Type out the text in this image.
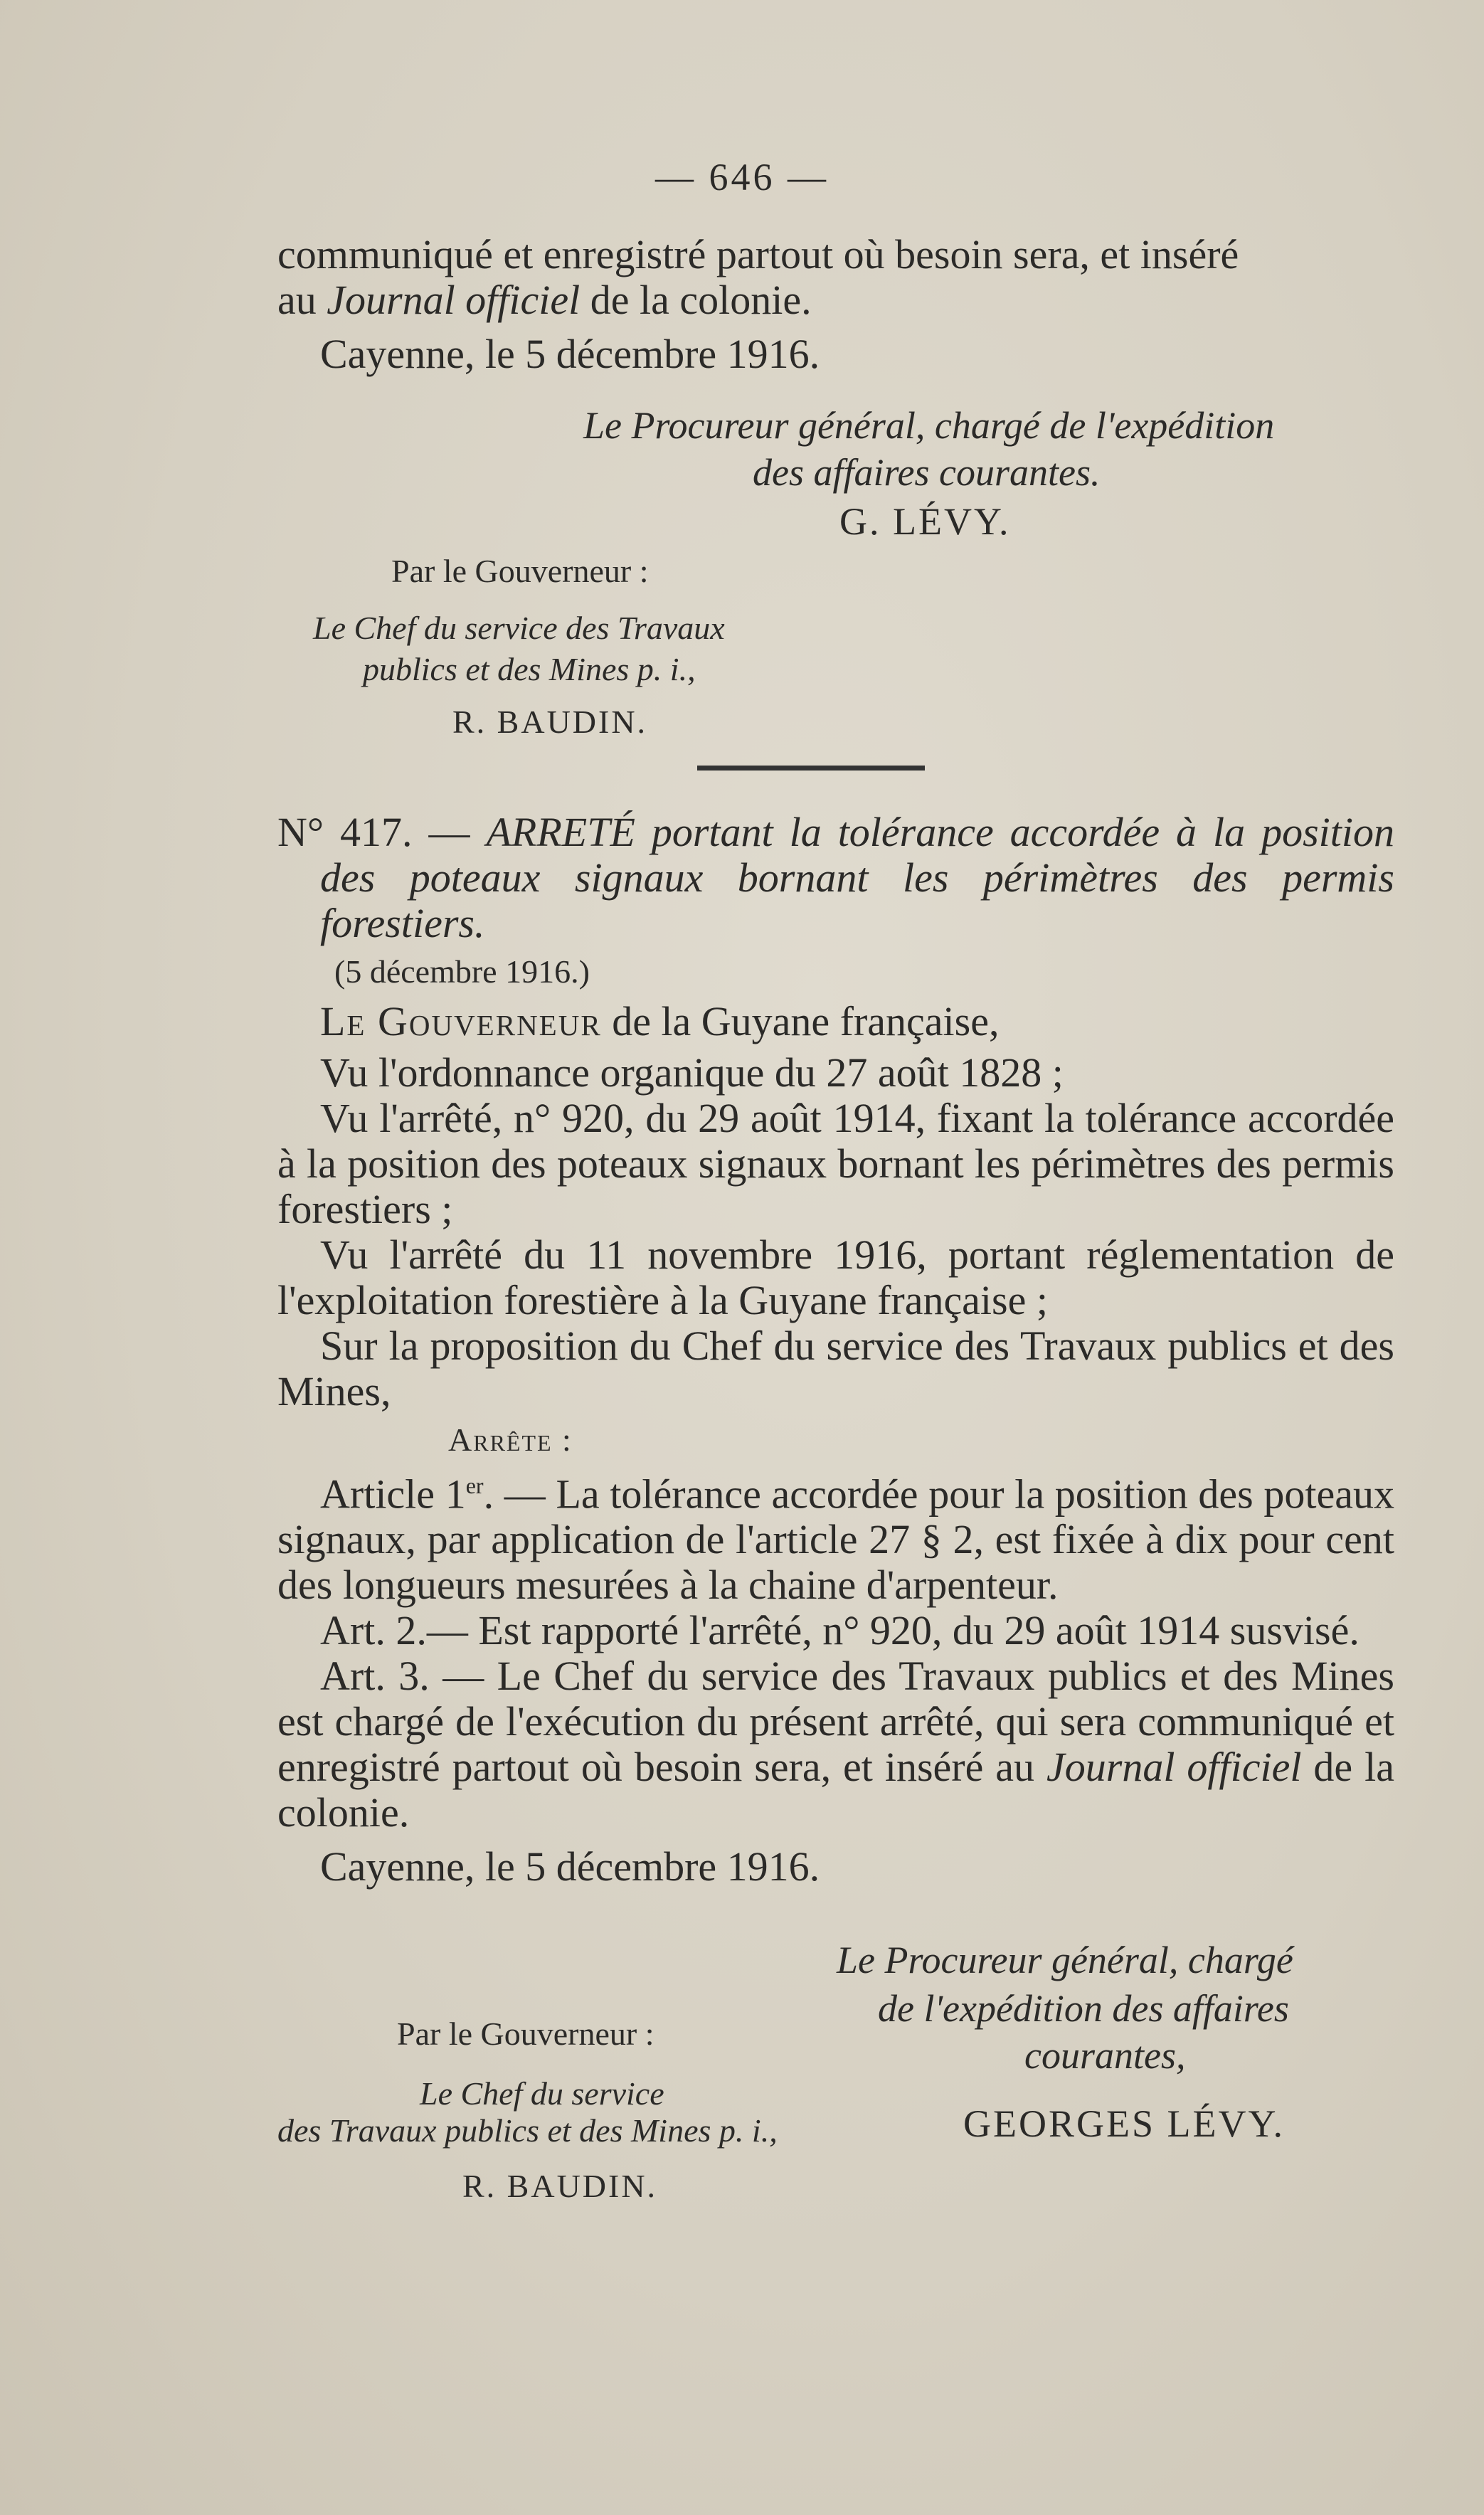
— 646 —

communiqué et enregistré partout où besoin sera, et inséré

au Journal officiel de la colonie.

Cayenne, le 5 décembre 1916.

Le Procureur général, chargé de l'expédition
des affaires courantes.
G. LÉVY.
Par le Gouverneur :
Le Chef du service des Travaux
publics et des Mines p. i.,
R. BAUDIN.

N° 417. — ARRETÉ portant la tolérance accordée à la position des poteaux signaux bornant les périmètres des permis forestiers.

(5 décembre 1916.)

Le Gouverneur de la Guyane française,

Vu l'ordonnance organique du 27 août 1828 ;

Vu l'arrêté, n° 920, du 29 août 1914, fixant la tolérance accordée à la position des poteaux signaux bornant les périmètres des permis forestiers ;

Vu l'arrêté du 11 novembre 1916, portant réglementation de l'exploitation forestière à la Guyane française ;

Sur la proposition du Chef du service des Travaux publics et des Mines,

Arrête :

Article 1er. — La tolérance accordée pour la position des poteaux signaux, par application de l'article 27 § 2, est fixée à dix pour cent des longueurs mesurées à la chaine d'arpenteur.

Art. 2.— Est rapporté l'arrêté, n° 920, du 29 août 1914 susvisé.

Art. 3. — Le Chef du service des Travaux publics et des Mines est chargé de l'exécution du présent arrêté, qui sera communiqué et enregistré partout où besoin sera, et inséré au Journal officiel de la colonie.

Cayenne, le 5 décembre 1916.

Le Procureur général, chargé
de l'expédition des affaires
courantes,
GEORGES LÉVY.
Par le Gouverneur :
Le Chef du service
des Travaux publics et des Mines p. i.,
R. BAUDIN.
